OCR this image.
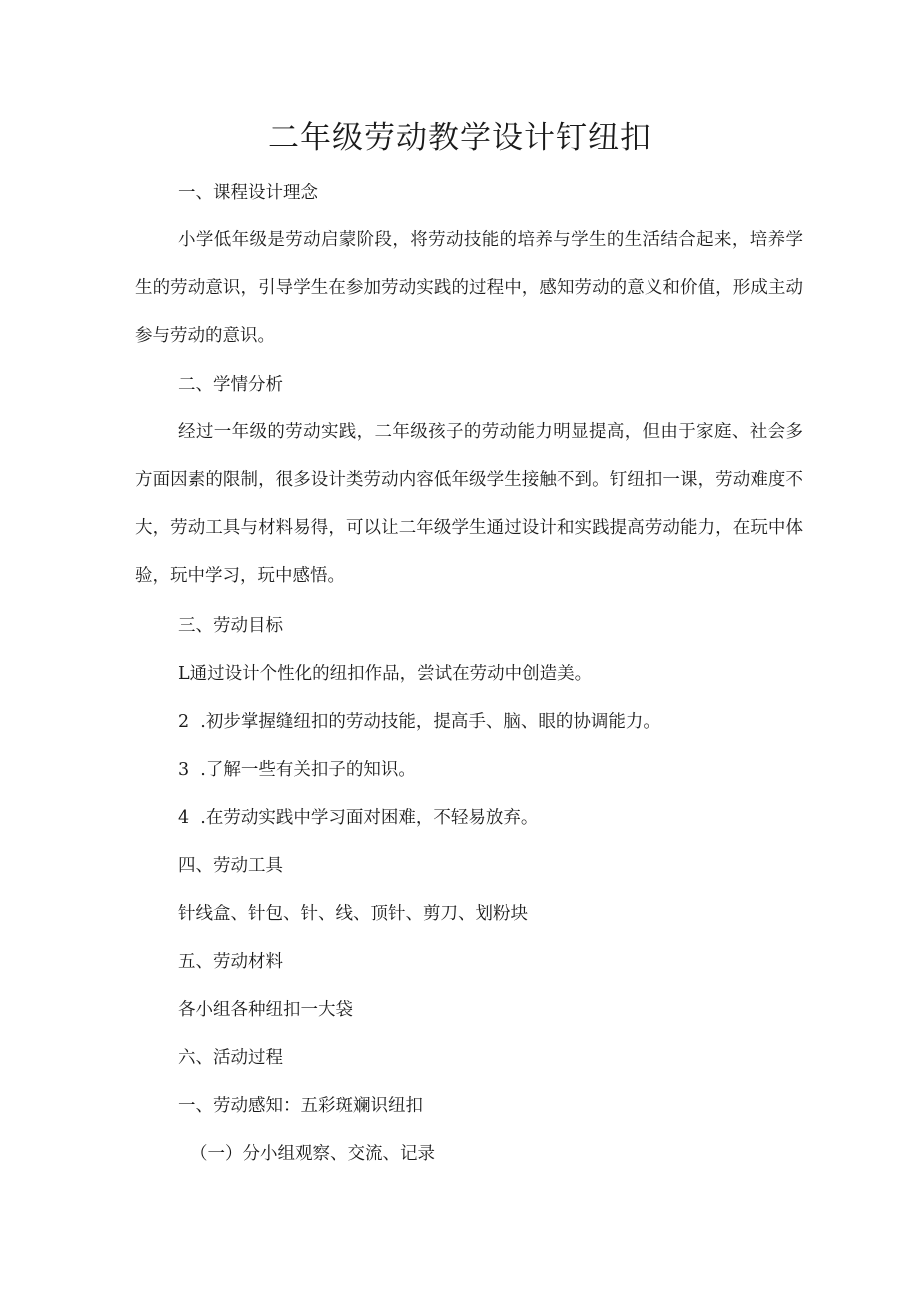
二年级劳动教学设计钉纽扣

一、课程设计理念

小学低年级是劳动启蒙阶段，将劳动技能的培养与学生的生活结合起来，培养学生的劳动意识，引导学生在参加劳动实践的过程中，感知劳动的意义和价值，形成主动参与劳动的意识。

二、学情分析

经过一年级的劳动实践，二年级孩子的劳动能力明显提高，但由于家庭、社会多方面因素的限制，很多设计类劳动内容低年级学生接触不到。钉纽扣一课，劳动难度不大，劳动工具与材料易得，可以让二年级学生通过设计和实践提高劳动能力，在玩中体验，玩中学习，玩中感悟。

三、劳动目标

L通过设计个性化的纽扣作品，尝试在劳动中创造美。

2  .初步掌握缝纽扣的劳动技能，提高手、脑、眼的协调能力。

3  .了解一些有关扣子的知识。

4  .在劳动实践中学习面对困难，不轻易放弃。

四、劳动工具

针线盒、针包、针、线、顶针、剪刀、划粉块

五、劳动材料

各小组各种纽扣一大袋

六、活动过程

一、劳动感知：五彩斑斓识纽扣

（一）分小组观察、交流、记录
